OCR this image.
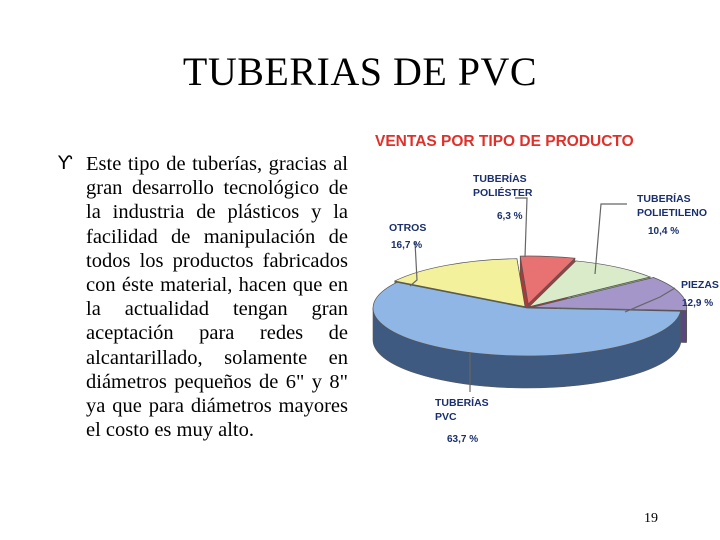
TUBERIAS DE PVC
Ƴ Este tipo de tuberías, gracias al gran desarrollo tecnológico de la industria de plásticos y la facilidad de manipulación de todos los productos fabricados con éste material, hacen que en la actualidad tengan gran aceptación para redes de alcantarillado, solamente en diámetros pequeños de 6" y 8" ya que para diámetros mayores el costo es muy alto.
VENTAS POR TIPO DE PRODUCTO
TUBERÍAS
POLIÉSTER
6,3 %
TUBERÍAS
POLIETILENO
10,4 %
PIEZAS
12,9 %
TUBERÍAS
PVC
63,7 %
OTROS
16,7 %
19
